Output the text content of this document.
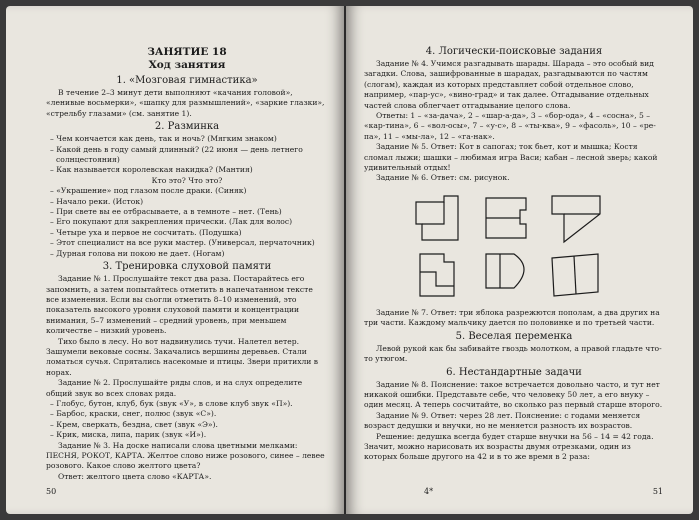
ЗАНЯТИЕ 18
Ход занятия
1. «Мозговая гимнастика»

В течение 2–3 минут дети выполняют «качания головой», «ленивые восьмерки», «шапку для размышлений», «заркие глазки», «стрельбу глазами» (см. занятие 1).

2. Разминка
– Чем кончается как день, так и ночь? (Мягким знаком)
– Какой день в году самый длинный? (22 июня — день летнего солнцестояния)
– Как называется королевская накидка? (Мантия)
Кто это? Что это?
– «Украшение» под глазом после драки. (Синяк)
– Начало реки. (Исток)
– При свете вы ее отбрасываете, а в темноте – нет. (Тень)
– Его покупают для закрепления прически. (Лак для волос)
– Четыре уха и первое не сосчитать. (Подушка)
– Этот специалист на все руки мастер. (Универсал, перчаточник)
– Дурная голова ни покою не дает. (Ногам)
3. Тренировка слуховой памяти

Задание № 1. Прослушайте текст два раза. Постарайтесь его запомнить, а затем попытайтесь отметить в напечатанном тексте все изменения. Если вы сьогли отметить 8–10 изменений, это показатель высокого уровня слуховой памяти и концентрации внимания, 5–7 изменений – средний уровень, при меньшем количестве – низкий уровень.

Тихо было в лесу. Но вот надвинулись тучи. Налетел ветер. Зашумели вековые сосны. Закачались вершины деревьев. Стали ломаться сучья. Спрятались насекомые и птицы. Звери притихли в норах.

Задание № 2. Прослушайте ряды слов, и на слух определите общий звук во всех словах ряда.

– Глобус, бутон, клуб, бук (звук «У», в слове клуб звук «П»).
– Барбос, краски, снег, полюс (звук «С»).
– Крем, сверкать, бездна, свет (звук «Э»).
– Крик, миска, липа, парик (звук «И»).

Задание № 3. На доске написали слова цветными мелками: ПЕСНЯ, РОКОТ, КАРТА. Желтое слово ниже розового, синее – левее розового. Какое слово желтого цвета?

Ответ: желтого цвета слово «КАРТА».

50
4. Логически-поисковые задания

Задание № 4. Учимся разгадывать шарады. Шарада – это особый вид загадки. Слова, зашифрованные в шарадах, разгадываются по частям (слогам), каждая из которых представляет собой отдельное слово, например, «пар-ус», «вино-град» и так далее. Отгадывание отдельных частей слова облегчает отгадывание целого слова.

Ответы: 1 – «за-дача», 2 – «шар-а-да», 3 – «бор-ода», 4 – «сосна», 5 – «кар-тина», 6 – «вол-осы», 7 – «у-с», 8 – «ты-ква», 9 – «фасоль», 10 – «ре-па», 11 – «мы-ла», 12 – «га-нак».

Задание № 5. Ответ: Кот в сапогах; ток бьет, кот и мышка; Костя сломал лыжи; шашки – любимая игра Васи; кабан – лесной зверь; какой удивительный отдых!

Задание № 6. Ответ: см. рисунок.

Задание № 7. Ответ: три яблока разрежются пополам, а два других на три части. Каждому мальчику дается по половинке и по третьей части.

5. Веселая переменка

Левой рукой как бы забивайте гвоздь молотком, а правой гладьте что-то утюгом.

6. Нестандартные задачи

Задание № 8. Пояснение: такое встречается довольно часто, и тут нет никакой ошибки. Представьте себе, что человеку 50 лет, а его внуку – один месяц. А теперь сосчитайте, во сколько раз первый старше второго.

Задание № 9. Ответ: через 28 лет. Пояснение: с годами меняется возраст дедушки и внучки, но не меняется разность их возрастов.

Решение: дедушка всегда будет старше внучки на 56 – 14 = 42 года. Значит, можно нарисовать их возрасты двумя отрезками, один из которых больше другого на 42 и в то же время в 2 раза:

4*	51
